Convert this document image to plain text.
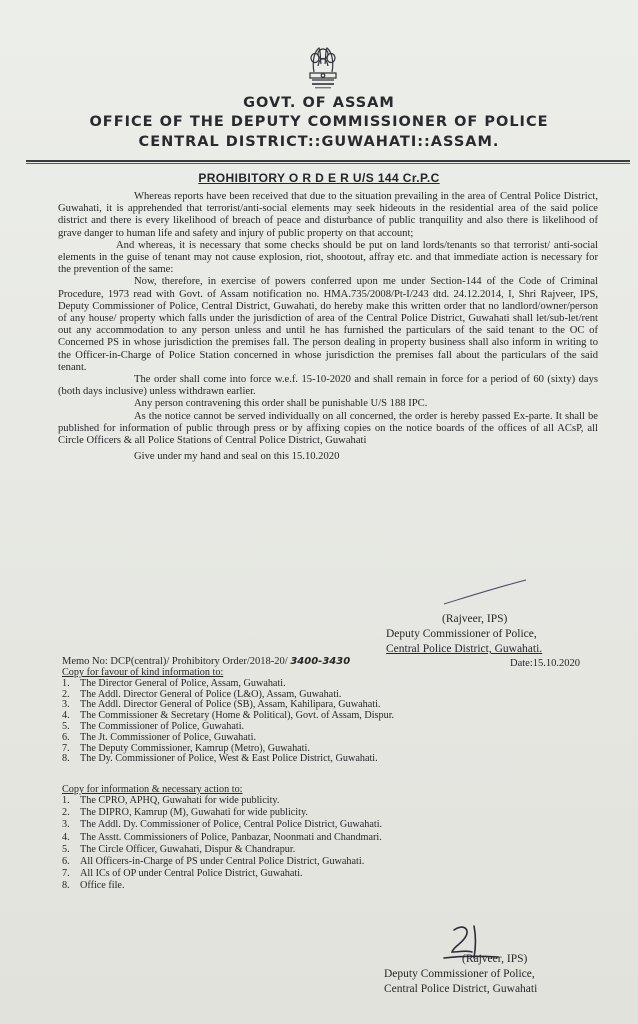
GOVT. OF ASSAM
OFFICE OF THE DEPUTY COMMISSIONER OF POLICE
CENTRAL DISTRICT::GUWAHATI::ASSAM.
PROHIBITORY O R D E R U/S 144 Cr.P.C

Whereas reports have been received that due to the situation prevailing in the area of Central Police District, Guwahati, it is apprehended that terrorist/anti-social elements may seek hideouts in the residential area of the said police district and there is every likelihood of breach of peace and disturbance of public tranquility and also there is likelihood of grave danger to human life and safety and injury of public property on that account;

And whereas, it is necessary that some checks should be put on land lords/tenants so that terrorist/ anti-social elements in the guise of tenant may not cause explosion, riot, shootout, affray etc. and that immediate action is necessary for the prevention of the same:

Now, therefore, in exercise of powers conferred upon me under Section-144 of the Code of Criminal Procedure, 1973 read with Govt. of Assam notification no. HMA.735/2008/Pt-I/243 dtd. 24.12.2014, I, Shri Rajveer, IPS, Deputy Commissioner of Police, Central District, Guwahati, do hereby make this written order that no landlord/owner/person of any house/ property which falls under the jurisdiction of area of the Central Police District, Guwahati shall let/sub-let/rent out any accommodation to any person unless and until he has furnished the particulars of the said tenant to the OC of Concerned PS in whose jurisdiction the premises fall. The person dealing in property business shall also inform in writing to the Officer-in-Charge of Police Station concerned in whose jurisdiction the premises fall about the particulars of the said tenant.

The order shall come into force w.e.f. 15-10-2020 and shall remain in force for a period of 60 (sixty) days (both days inclusive) unless withdrawn earlier.

Any person contravening this order shall be punishable U/S 188 IPC.

As the notice cannot be served individually on all concerned, the order is hereby passed Ex-parte. It shall be published for information of public through press or by affixing copies on the notice boards of the offices of all ACsP, all Circle Officers & all Police Stations of Central Police District, Guwahati

Give under my hand and seal on this 15.10.2020

(Rajveer, IPS)
Deputy Commissioner of Police,
Central Police District, Guwahati.
Memo No: DCP(central)/ Prohibitory Order/2018-20/ 3400-3430	Date:15.10.2020
Copy for favour of kind information to:
1. The Director General of Police, Assam, Guwahati.
2. The Addl. Director General of Police (L&O), Assam, Guwahati.
3. The Addl. Director General of Police (SB), Assam, Kahilipara, Guwahati.
4. The Commissioner & Secretary (Home & Political), Govt. of Assam, Dispur.
5. The Commissioner of Police, Guwahati.
6. The Jt. Commissioner of Police, Guwahati.
7. The Deputy Commissioner, Kamrup (Metro), Guwahati.
8. The Dy. Commissioner of Police, West & East Police District, Guwahati.
Copy for information & necessary action to:
1. The CPRO, APHQ, Guwahati for wide publicity.
2. The DIPRO, Kamrup (M), Guwahati for wide publicity.
3. The Addl. Dy. Commissioner of Police, Central Police District, Guwahati.
4. The Asstt. Commissioners of Police, Panbazar, Noonmati and Chandmari.
5. The Circle Officer, Guwahati, Dispur & Chandrapur.
6. All Officers-in-Charge of PS under Central Police District, Guwahati.
7. All ICs of OP under Central Police District, Guwahati.
8. Office file.
(Rajveer, IPS)
Deputy Commissioner of Police,
Central Police District, Guwahati
